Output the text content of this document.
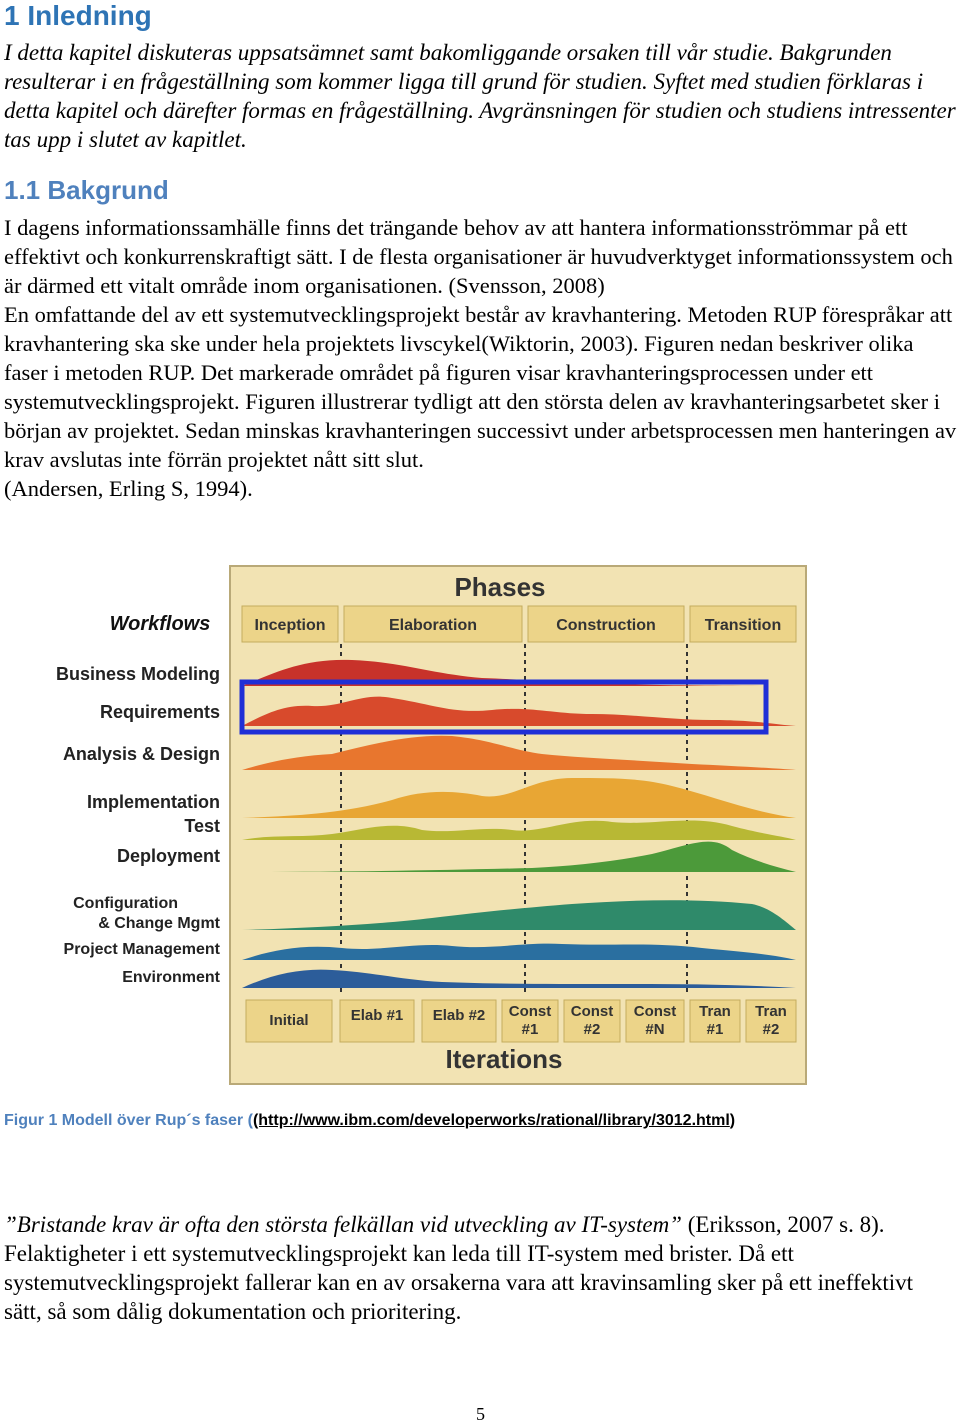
1 Inledning
I detta kapitel diskuteras uppsatsämnet samt bakomliggande orsaken till vår studie. Bakgrunden resulterar i en frågeställning som kommer ligga till grund för studien. Syftet med studien förklaras i detta kapitel och därefter formas en frågeställning. Avgränsningen för studien och studiens intressenter tas upp i slutet av kapitlet.
1.1 Bakgrund

I dagens informationssamhälle finns det trängande behov av att hantera informationsströmmar på ett effektivt och konkurrenskraftigt sätt. I de flesta organisationer är huvudverktyget informationssystem och är därmed ett vitalt område inom organisationen. (Svensson, 2008)

En omfattande del av ett systemutvecklingsprojekt består av kravhantering. Metoden RUP förespråkar att kravhantering ska ske under hela projektets livscykel(Wiktorin, 2003). Figuren nedan beskriver olika faser i metoden RUP. Det markerade området på figuren visar kravhanteringsprocessen under ett systemutvecklingsprojekt. Figuren illustrerar tydligt att den största delen av kravhanteringsarbetet sker i början av projektet. Sedan minskas kravhanteringen successivt under arbetsprocessen men hanteringen av krav avslutas inte förrän projektet nått sitt slut.

(Andersen, Erling S, 1994).

Phases
Workflows	Inception	Elaboration	Construction	Transition
Business Modeling
Requirements
Analysis & Design
Implementation
Test
Deployment
Configuration
& Change Mgmt
Project Management
Environment
Initial	Elab #1 Elab #2 Const
#1
Const
#2
Const
#N
Tran
#1
Tran
#2
Iterations
Figur 1 Modell över Rup´s faser ((http://www.ibm.com/developerworks/rational/library/3012.html)

”Bristande krav är ofta den största felkällan vid utveckling av IT-system” (Eriksson, 2007 s. 8).

Felaktigheter i ett systemutvecklingsprojekt kan leda till IT-system med brister. Då ett systemutvecklingsprojekt fallerar kan en av orsakerna vara att kravinsamling sker på ett ineffektivt sätt, så som dålig dokumentation och prioritering.

5
